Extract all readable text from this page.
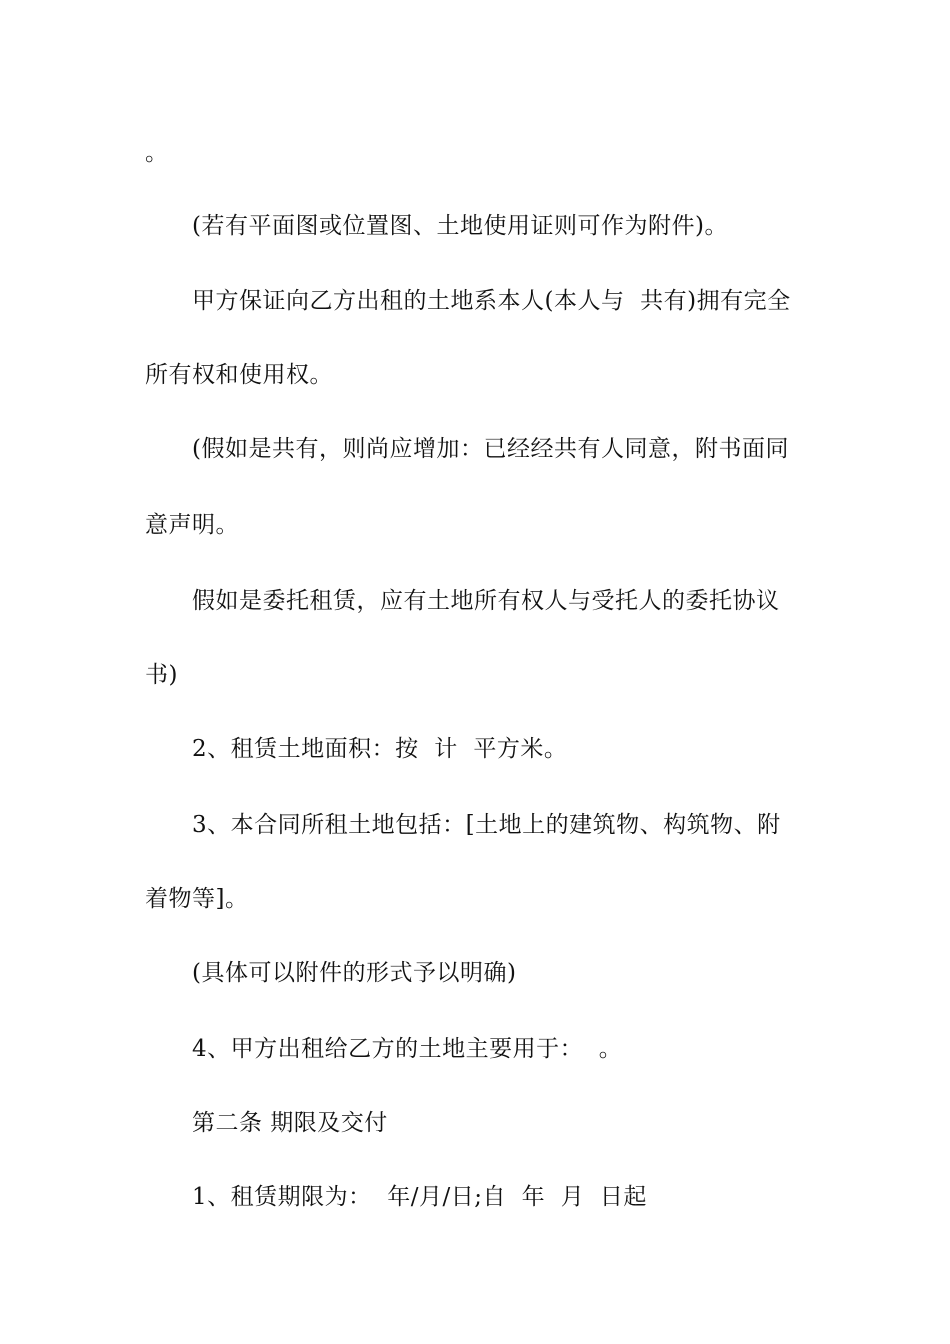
。
(若有平面图或位置图、土地使用证则可作为附件)。
甲方保证向乙方出租的土地系本人(本人与  共有)拥有完全
所有权和使用权。
(假如是共有，则尚应增加：已经经共有人同意，附书面同
意声明。
假如是委托租赁，应有土地所有权人与受托人的委托协议
书)
2、租赁土地面积：按  计  平方米。
3、本合同所租土地包括：[土地上的建筑物、构筑物、附
着物等]。
(具体可以附件的形式予以明确)
4、甲方出租给乙方的土地主要用于：  。
第二条 期限及交付
1、租赁期限为：  年/月/日;自  年  月  日起
